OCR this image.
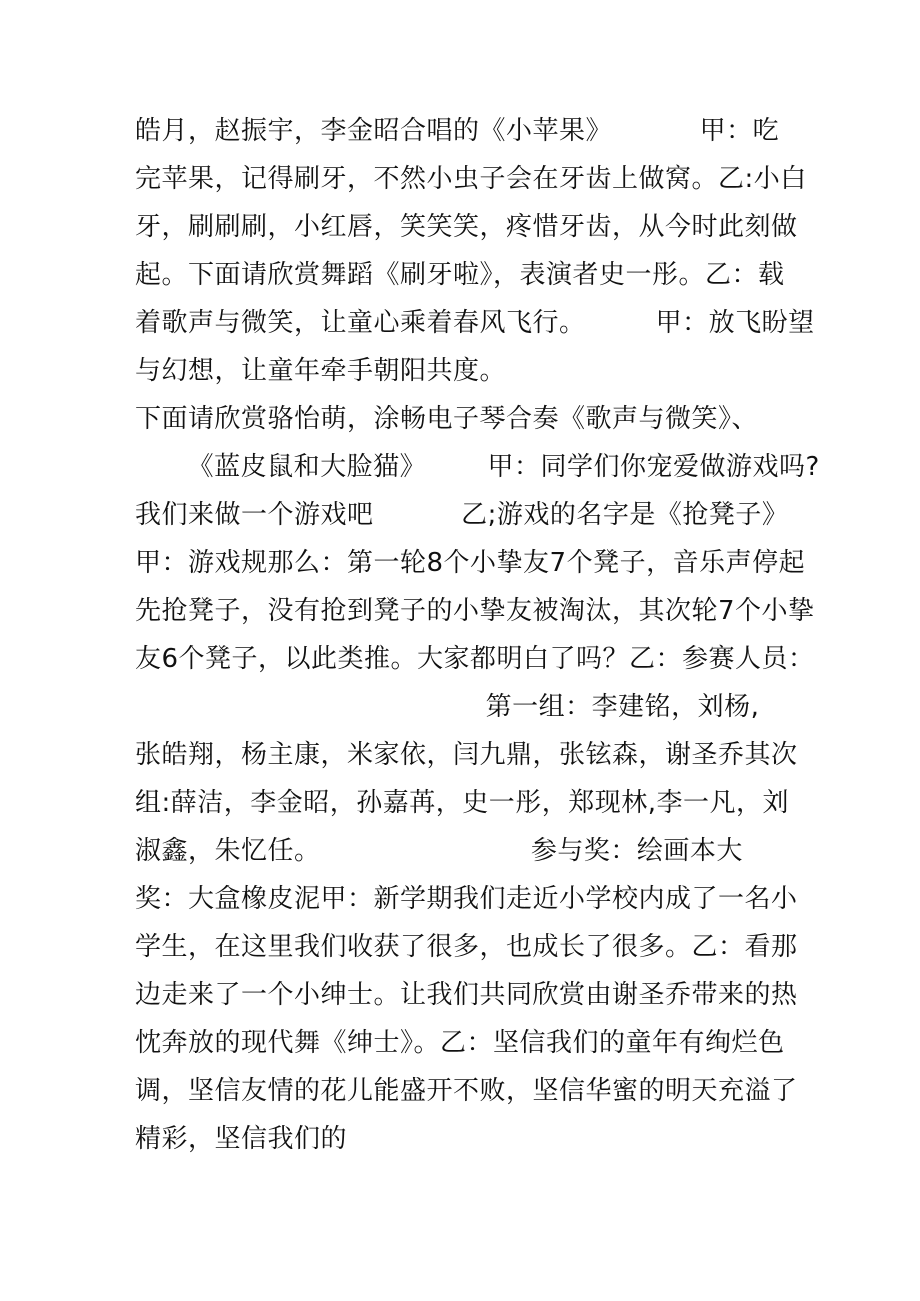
皓月，赵振宇，李金昭合唱的《小苹果》          甲：吃
完苹果，记得刷牙，不然小虫子会在牙齿上做窝。乙:小白
牙，刷刷刷，小红唇，笑笑笑，疼惜牙齿，从今时此刻做
起。下面请欣赏舞蹈《刷牙啦》，表演者史一彤。乙：载
着歌声与微笑，让童心乘着春风飞行。        甲：放飞盼望
与幻想，让童年牵手朝阳共度。
下面请欣赏骆怡萌，涂畅电子琴合奏《歌声与微笑》、
《蓝皮鼠和大脸猫》       甲：同学们你宠爱做游戏吗?
我们来做一个游戏吧          乙;游戏的名字是《抢凳子》
甲：游戏规那么：第一轮8个小挚友7个凳子，音乐声停起
先抢凳子，没有抢到凳子的小挚友被淘汰，其次轮7个小挚
友6个凳子，以此类推。大家都明白了吗？乙：参赛人员：
第一组：李建铭，刘杨,
张皓翔，杨主康，米家依，闫九鼎，张铉森，谢圣乔其次
组:薛洁，李金昭，孙嘉苒，史一彤，郑现林,李一凡，刘
淑鑫，朱忆任。                        参与奖：绘画本大
奖：大盒橡皮泥甲：新学期我们走近小学校内成了一名小
学生，在这里我们收获了很多，也成长了很多。乙：看那
边走来了一个小绅士。让我们共同欣赏由谢圣乔带来的热
忱奔放的现代舞《绅士》。乙：坚信我们的童年有绚烂色
调，坚信友情的花儿能盛开不败，坚信华蜜的明天充溢了
精彩，坚信我们的
